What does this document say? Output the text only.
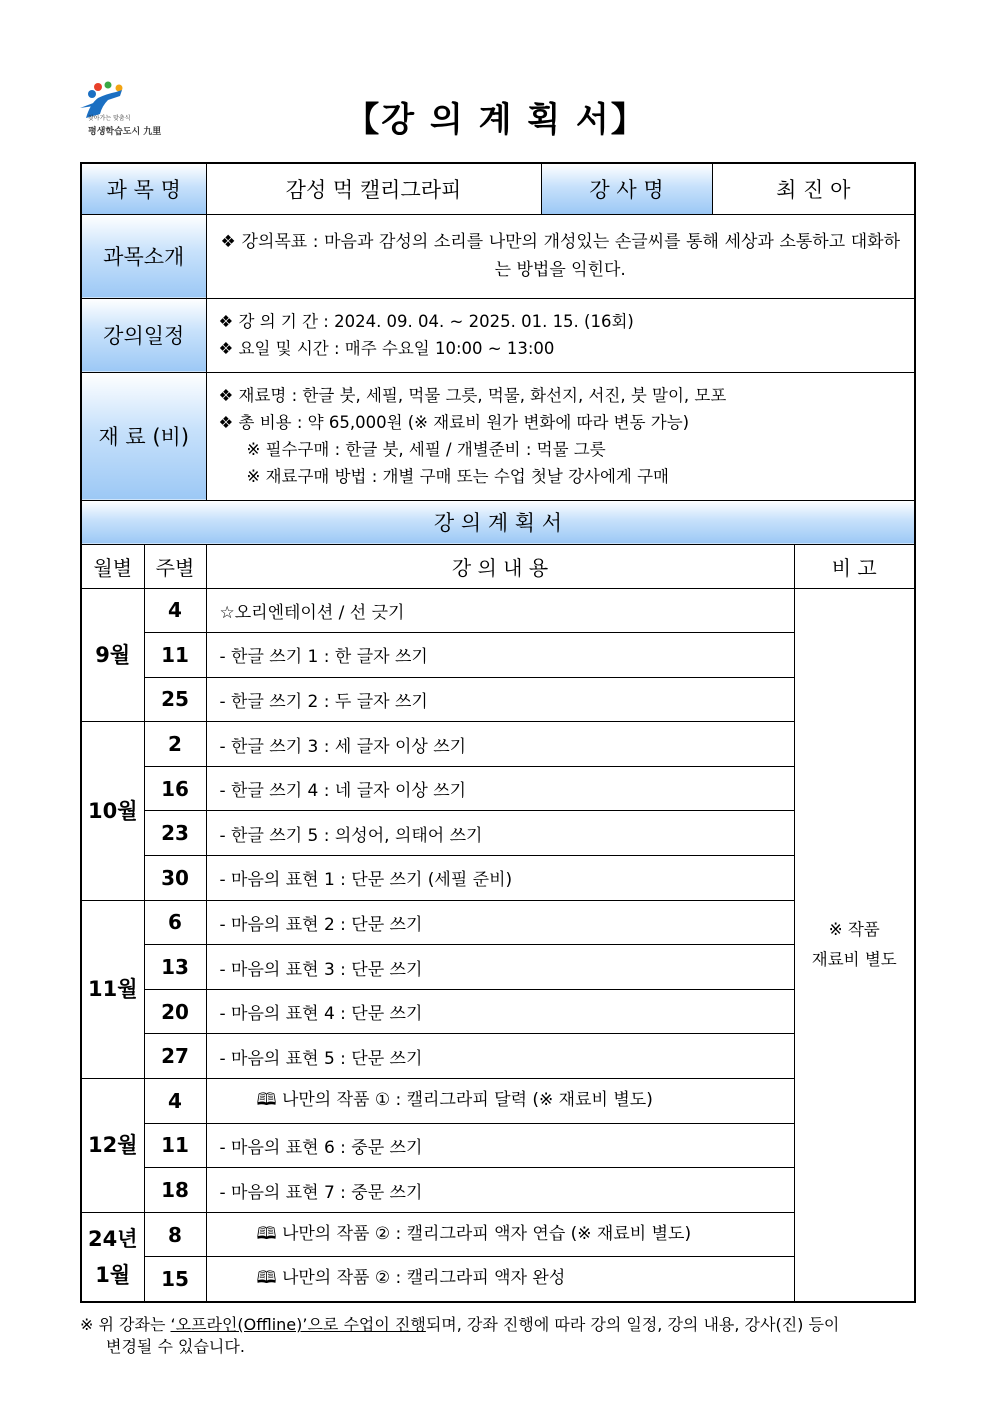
찾아가는 맞춤식
평생학습도시 九里	【강 의 계 획 서】
과 목 명		감성 먹 캘리그라피	강 사 명	최 진 아	
과목소개		❖ 강의목표 : 마음과 감성의 소리를 나만의 개성있는 손글씨를 통해 세상과 소통하고 대화하는 방법을 익힌다.			
강의일정		❖ 강 의 기 간 : 2024. 09. 04. ~ 2025. 01. 15. (16회)
❖ 요일 및 시간 : 매주 수요일 10:00 ~ 13:00			

재 료 (비)		❖ 재료명 : 한글 붓, 세필, 먹물 그릇, 먹물, 화선지, 서진, 붓 말이, 모포
❖ 총 비용 : 약 65,000원 (※ 재료비 원가 변화에 따라 변동 가능)
※ 필수구매 : 한글 붓, 세필 / 개별준비 : 먹물 그릇
※ 재료구매 방법 : 개별 구매 또는 수업 첫날 강사에게 구매			

강 의 계 획 서					
월별	주별	강 의 내 용			비 고
9월	4	☆오리엔테이션 / 선 긋기			※ 작품
재료비 별도
	11	- 한글 쓰기 1 : 한 글자 쓰기			
	25	- 한글 쓰기 2 : 두 글자 쓰기			
10월	2	- 한글 쓰기 3 : 세 글자 이상 쓰기			
	16	- 한글 쓰기 4 : 네 글자 이상 쓰기			
	23	- 한글 쓰기 5 : 의성어, 의태어 쓰기			
	30	- 마음의 표현 1 : 단문 쓰기 (세필 준비)			
11월	6	- 마음의 표현 2 : 단문 쓰기			
	13	- 마음의 표현 3 : 단문 쓰기			
	20	- 마음의 표현 4 : 단문 쓰기			
	27	- 마음의 표현 5 : 단문 쓰기			
12월	4	🕮 나만의 작품 ① : 캘리그라피 달력 (※ 재료비 별도)			
	11	- 마음의 표현 6 : 중문 쓰기			
	18	- 마음의 표현 7 : 중문 쓰기			
24년
1월	8	🕮 나만의 작품 ② : 캘리그라피 액자 연습 (※ 재료비 별도)			
	15	🕮 나만의 작품 ② : 캘리그라피 액자 완성			

※ 위 강좌는 ‘오프라인(Offline)’으로 수업이 진행되며, 강좌 진행에 따라 강의 일정, 강의 내용, 강사(진) 등이

변경될 수 있습니다.
